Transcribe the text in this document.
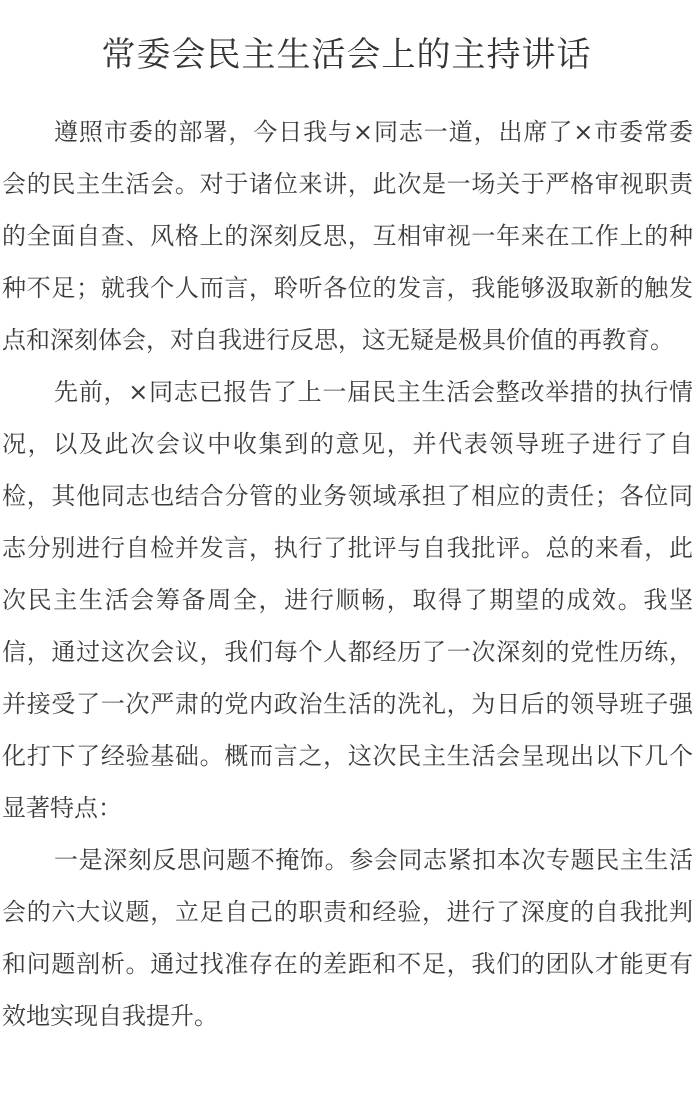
常委会民主生活会上的主持讲话

遵照市委的部署，今日我与×同志一道，出席了×市委常委会的民主生活会。对于诸位来讲，此次是一场关于严格审视职责的全面自查、风格上的深刻反思，互相审视一年来在工作上的种种不足；就我个人而言，聆听各位的发言，我能够汲取新的触发点和深刻体会，对自我进行反思，这无疑是极具价值的再教育。

先前，×同志已报告了上一届民主生活会整改举措的执行情况，以及此次会议中收集到的意见，并代表领导班子进行了自检，其他同志也结合分管的业务领域承担了相应的责任；各位同志分别进行自检并发言，执行了批评与自我批评。总的来看，此次民主生活会筹备周全，进行顺畅，取得了期望的成效。我坚信，通过这次会议，我们每个人都经历了一次深刻的党性历练，并接受了一次严肃的党内政治生活的洗礼，为日后的领导班子强化打下了经验基础。概而言之，这次民主生活会呈现出以下几个显著特点：

一是深刻反思问题不掩饰。参会同志紧扣本次专题民主生活会的六大议题，立足自己的职责和经验，进行了深度的自我批判和问题剖析。通过找准存在的差距和不足，我们的团队才能更有效地实现自我提升。
